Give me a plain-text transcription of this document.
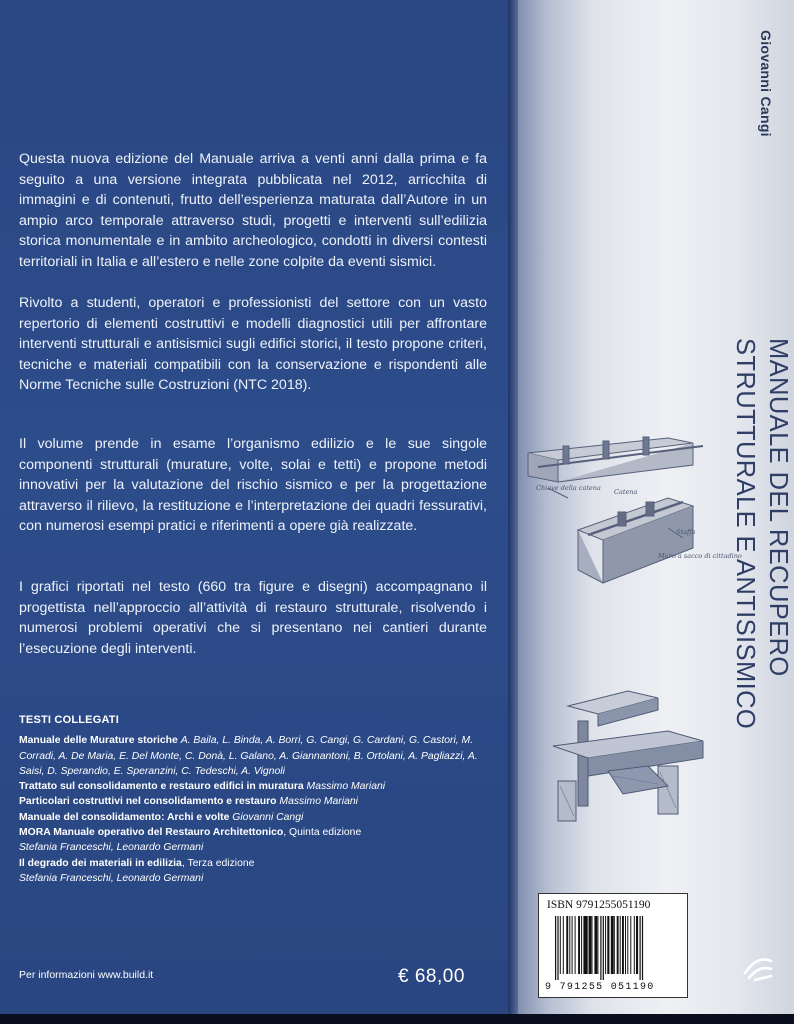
Questa nuova edizione del Manuale arriva a venti anni dalla prima e fa seguito a una versione integrata pubblicata nel 2012, arricchita di immagini e di contenuti, frutto dell’esperienza maturata dall’Autore in un ampio arco temporale attraverso studi, progetti e interventi sull’edilizia storica monumentale e in ambito archeologico, condotti in diversi contesti territoriali in Italia e all’estero e nelle zone colpite da eventi sismici.

Rivolto a studenti, operatori e professionisti del settore con un vasto repertorio di elementi costruttivi e modelli diagnostici utili per affrontare interventi strutturali e antisismici sugli edifici storici, il testo propone criteri, tecniche e materiali compatibili con la conservazione e rispondenti alle Norme Tecniche sulle Costruzioni (NTC 2018).

Il volume prende in esame l’organismo edilizio e le sue singole componenti strutturali (murature, volte, solai e tetti) e propone metodi innovativi per la valutazione del rischio sismico e per la progettazione attraverso il rilievo, la restituzione e l’interpretazione dei quadri fessurativi, con numerosi esempi pratici e riferimenti a opere già realizzate.

I grafici riportati nel testo (660 tra figure e disegni) accompagnano il progettista nell’approccio all’attività di restauro strutturale, risolvendo i numerosi problemi operativi che si presentano nei cantieri durante l’esecuzione degli interventi.

TESTI COLLEGATI
Manuale delle Murature storiche A. Baila, L. Binda, A. Borri, G. Cangi, G. Cardani, G. Castori, M. Corradi, A. De Maria, E. Del Monte, C. Donà, L. Galano, A. Giannantoni, B. Ortolani, A. Pagliazzi, A. Saisi, D. Sperandio, E. Speranzini, C. Tedeschi, A. Vignoli
Trattato sul consolidamento e restauro edifici in muratura Massimo Mariani
Particolari costruttivi nel consolidamento e restauro Massimo Mariani
Manuale del consolidamento: Archi e volte Giovanni Cangi
MORA Manuale operativo del Restauro Architettonico, Quinta edizione
Stefania Franceschi, Leonardo Germani
Il degrado dei materiali in edilizia, Terza edizione
Stefania Franceschi, Leonardo Germani
Per informazioni www.build.it	€ 68,00
Giovanni Cangi
MANUALE DEL RECUPERO
STRUTTURALE E ANTISISMICO
Chiave della catena Catena
Staffa
Muro a sacco di cittadino
ISBN 9791255051190
9 791255 051190
